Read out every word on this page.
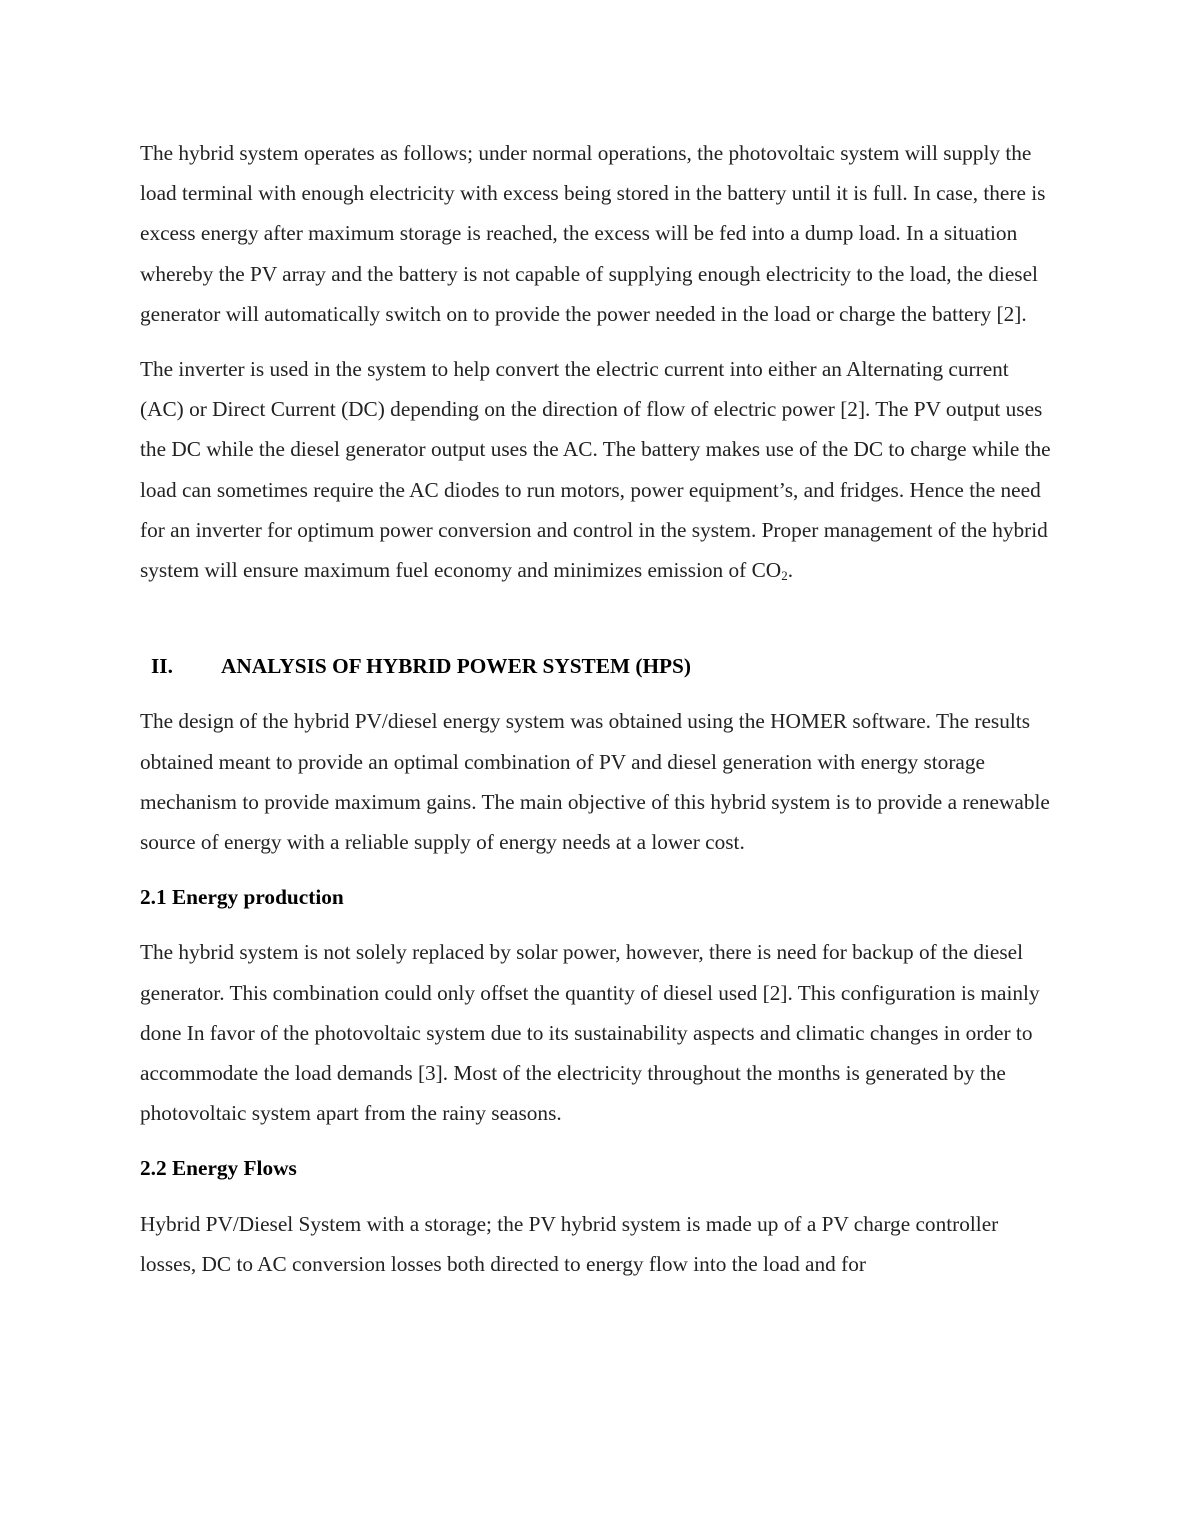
The hybrid system operates as follows; under normal operations, the photovoltaic system will supply the load terminal with enough electricity with excess being stored in the battery until it is full. In case, there is excess energy after maximum storage is reached, the excess will be fed into a dump load. In a situation whereby the PV array and the battery is not capable of supplying enough electricity to the load, the diesel generator will automatically switch on to provide the power needed in the load or charge the battery [2].

The inverter is used in the system to help convert the electric current into either an Alternating current (AC) or Direct Current (DC) depending on the direction of flow of electric power [2]. The PV output uses the DC while the diesel generator output uses the AC. The battery makes use of the DC to charge while the load can sometimes require the AC diodes to run motors, power equipment’s, and fridges. Hence the need for an inverter for optimum power conversion and control in the system. Proper management of the hybrid system will ensure maximum fuel economy and minimizes emission of $CO_2$.

II.	ANALYSIS OF HYBRID POWER SYSTEM (HPS)

The design of the hybrid PV/diesel energy system was obtained using the HOMER software. The results obtained meant to provide an optimal combination of PV and diesel generation with energy storage mechanism to provide maximum gains. The main objective of this hybrid system is to provide a renewable source of energy with a reliable supply of energy needs at a lower cost.

2.1 Energy production

The hybrid system is not solely replaced by solar power, however, there is need for backup of the diesel generator. This combination could only offset the quantity of diesel used [2]. This configuration is mainly done In favor of the photovoltaic system due to its sustainability aspects and climatic changes in order to accommodate the load demands [3]. Most of the electricity throughout the months is generated by the photovoltaic system apart from the rainy seasons.

2.2 Energy Flows

Hybrid PV/Diesel System with a storage; the PV hybrid system is made up of a PV charge controller losses, DC to AC conversion losses both directed to energy flow into the load and for
